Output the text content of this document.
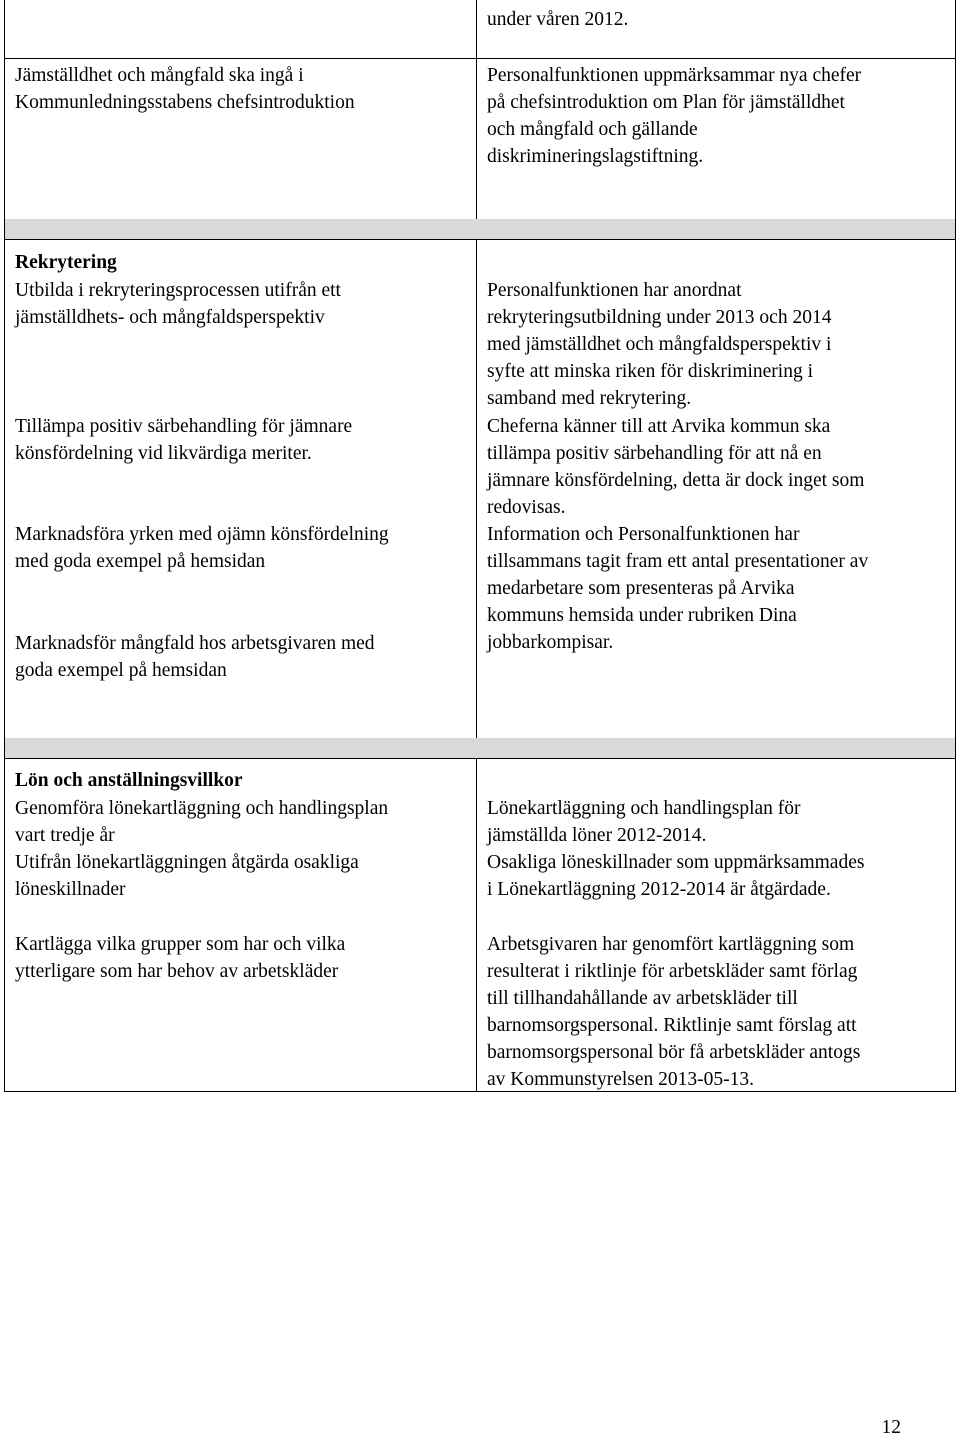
under våren 2012.

Jämställdhet och mångfald ska ingå i
Kommunledningsstabens chefsintroduktion

Personalfunktionen uppmärksammar nya chefer
på chefsintroduktion om Plan för jämställdhet
och mångfald och gällande
diskrimineringslagstiftning.

Rekrytering

Utbilda i rekryteringsprocessen utifrån ett
jämställdhets- och mångfaldsperspektiv

Tillämpa positiv särbehandling för jämnare
könsfördelning vid likvärdiga meriter.

Marknadsföra yrken med ojämn könsfördelning
med goda exempel på hemsidan

Marknadsför mångfald hos arbetsgivaren med
goda exempel på hemsidan

Personalfunktionen har anordnat
rekryteringsutbildning under 2013 och 2014
med jämställdhet och mångfaldsperspektiv i
syfte att minska riken för diskriminering i
samband med rekrytering.

Cheferna känner till att Arvika kommun ska
tillämpa positiv särbehandling för att nå en
jämnare könsfördelning, detta är dock inget som
redovisas.

Information och Personalfunktionen har
tillsammans tagit fram ett antal presentationer av
medarbetare som presenteras på Arvika
kommuns hemsida under rubriken Dina
jobbarkompisar.

Lön och anställningsvillkor

Genomföra lönekartläggning och handlingsplan
vart tredje år

Utifrån lönekartläggningen åtgärda osakliga
löneskillnader

Kartlägga vilka grupper som har och vilka
ytterligare som har behov av arbetskläder

Lönekartläggning och handlingsplan för
jämställda löner 2012-2014.

Osakliga löneskillnader som uppmärksammades
i Lönekartläggning 2012-2014 är åtgärdade.

Arbetsgivaren har genomfört kartläggning som
resulterat i riktlinje för arbetskläder samt förlag
till tillhandahållande av arbetskläder till
barnomsorgspersonal. Riktlinje samt förslag att
barnomsorgspersonal bör få arbetskläder antogs
av Kommunstyrelsen 2013-05-13.

12
